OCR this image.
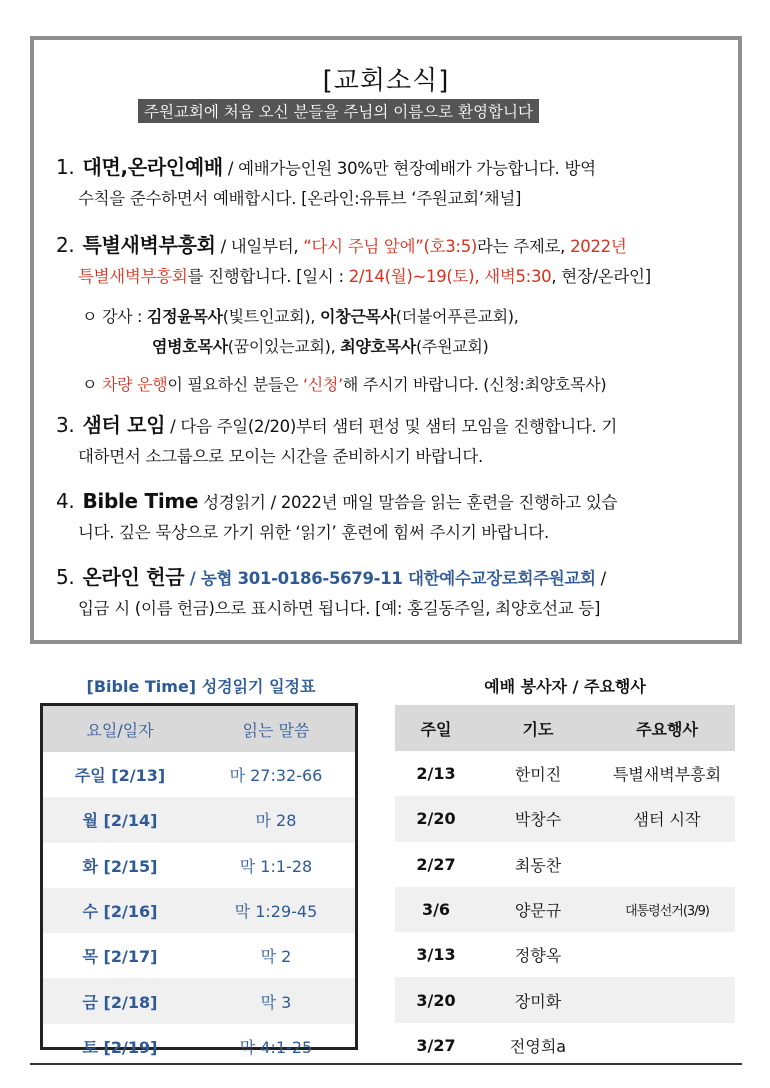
[교회소식]
주원교회에 처음 오신 분들을 주님의 이름으로 환영합니다
1. 대면,온라인예배 / 예배가능인원 30%만 현장예배가 가능합니다. 방역
수칙을 준수하면서 예배합시다. [온라인:유튜브 ‘주원교회’채널]
2. 특별새벽부흥회 / 내일부터, “다시 주님 앞에”(호3:5)라는 주제로, 2022년
특별새벽부흥회를 진행합니다. [일시 : 2/14(월)~19(토), 새벽5:30, 현장/온라인]
ㅇ 강사 : 김정윤목사(빛트인교회), 이창근목사(더불어푸른교회),
염병호목사(꿈이있는교회), 최양호목사(주원교회)
ㅇ 차량 운행이 필요하신 분들은 ‘신청’해 주시기 바랍니다. (신청:최양호목사)
3. 샘터 모임 / 다음 주일(2/20)부터 샘터 편성 및 샘터 모임을 진행합니다. 기
대하면서 소그룹으로 모이는 시간을 준비하시기 바랍니다.
4. Bible Time 성경읽기 / 2022년 매일 말씀을 읽는 훈련을 진행하고 있습
니다. 깊은 묵상으로 가기 위한 ‘읽기’ 훈련에 힘써 주시기 바랍니다.
5. 온라인 헌금 / 농협 301-0186-5679-11 대한예수교장로회주원교회 /
입금 시 (이름 헌금)으로 표시하면 됩니다. [예: 홍길동주일, 최양호선교 등]
[Bible Time] 성경읽기 일정표
요일/일자	읽는 말씀
주일 [2/13]	마 27:32-66
월 [2/14]	마 28
화 [2/15]	막 1:1-28
수 [2/16]	막 1:29-45
목 [2/17]	막 2
금 [2/18]	막 3
토 [2/19]	막 4:1-25
예배 봉사자 / 주요행사
주일	기도	주요행사
2/13	한미진	특별새벽부흥회
2/20	박창수	샘터 시작
2/27	최동찬	
3/6	양문규	대통령선거(3/9)
3/13	정향옥	
3/20	장미화	
3/27	전영희a	
